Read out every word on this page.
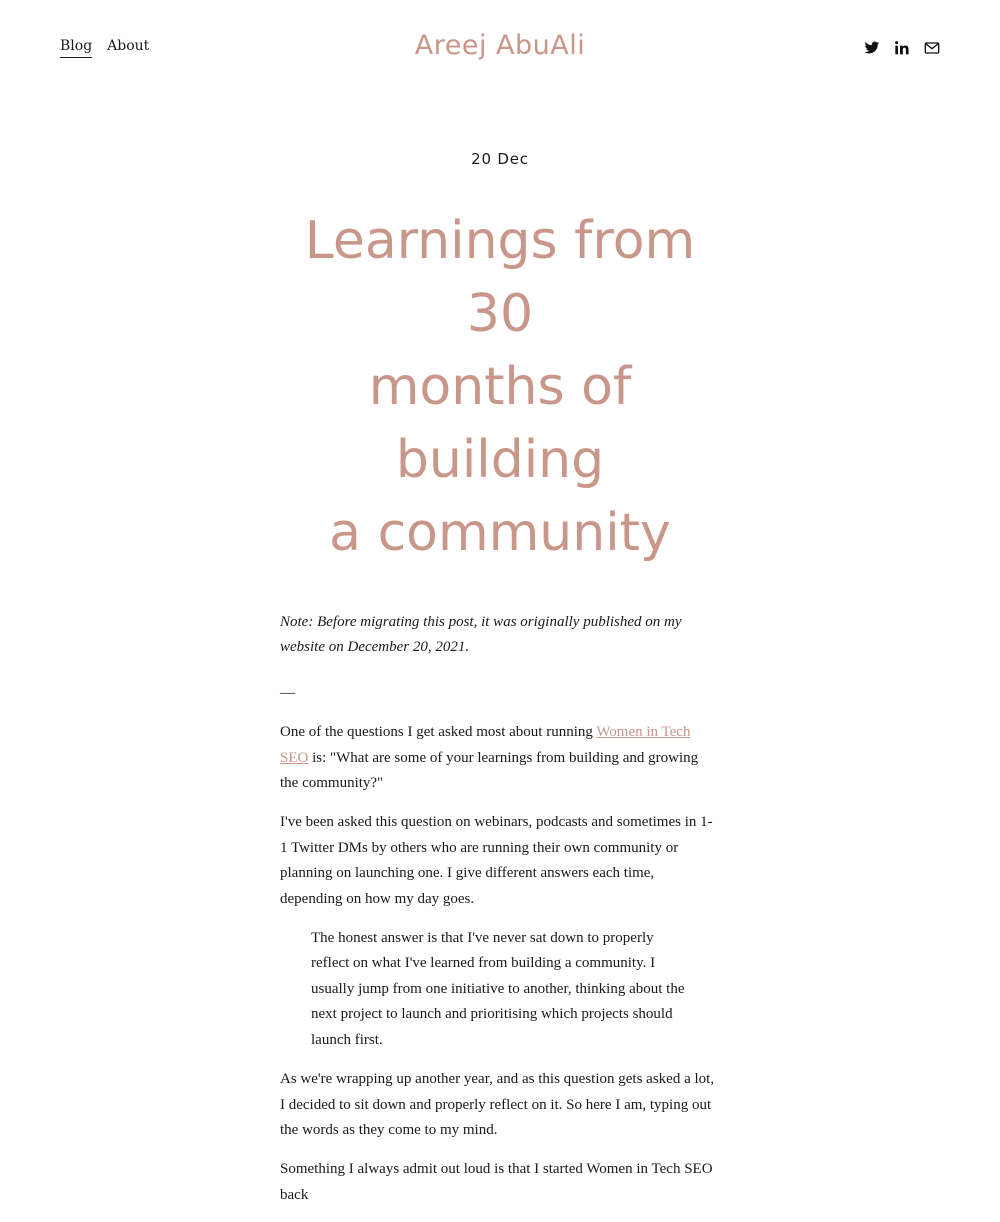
Blog About	Areej AbuAli
20 Dec
Learnings from 30
months of building
a community

Note: Before migrating this post, it was originally published on my website on December 20, 2021.

—

One of the questions I get asked most about running Women in Tech SEO is: "What are some of your learnings from building and growing the community?"

I've been asked this question on webinars, podcasts and sometimes in 1-1 Twitter DMs by others who are running their own community or planning on launching one. I give different answers each time, depending on how my day goes.

The honest answer is that I've never sat down to properly reflect on what I've learned from building a community. I usually jump from one initiative to another, thinking about the next project to launch and prioritising which projects should launch first.

As we're wrapping up another year, and as this question gets asked a lot, I decided to sit down and properly reflect on it. So here I am, typing out the words as they come to my mind.

Something I always admit out loud is that I started Women in Tech SEO back
